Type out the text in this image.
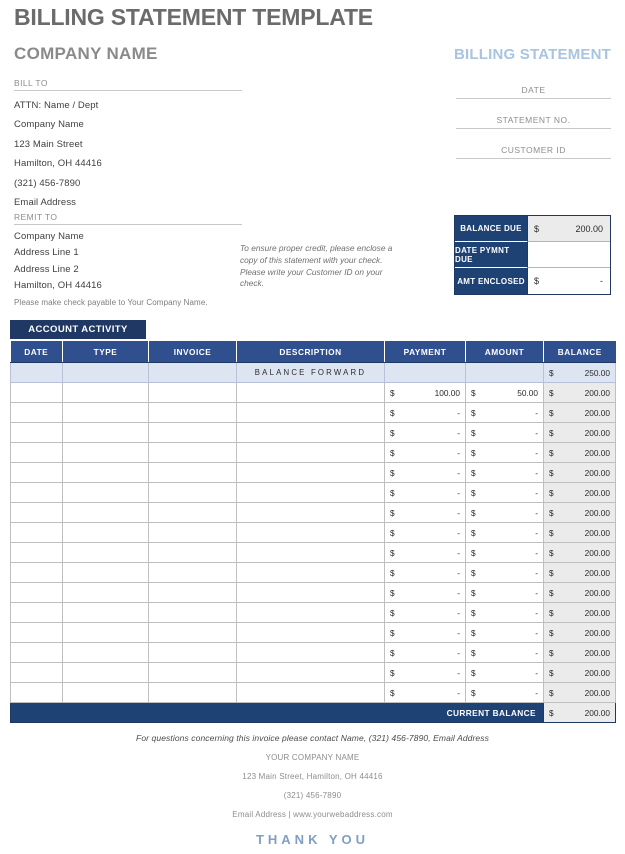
BILLING STATEMENT TEMPLATE
COMPANY NAME	BILLING STATEMENT
BILL TO
ATTN: Name / Dept
Company Name
123 Main Street
Hamilton, OH 44416
(321) 456-7890
Email Address
REMIT TO
Company Name
Address Line 1
Address Line 2
Hamilton, OH 44416
Please make check payable to Your Company Name.
To ensure proper credit, please enclose a copy of this statement with your check. Please write your Customer ID on your check.
DATE
STATEMENT NO.
CUSTOMER ID
BALANCE DUE	$	200.00
DATE PYMNT DUE
AMT ENCLOSED $	-
ACCOUNT ACTIVITY
DATE	TYPE	INVOICE	DESCRIPTION	PAYMENT	AMOUNT	BALANCE
			BALANCE FORWARD			$ 250.00

				$ 100.00	$ 50.00	$ 200.00

				$ -	$ -	$ 200.00

				$ -	$ -	$ 200.00

				$ -	$ -	$ 200.00

				$ -	$ -	$ 200.00

				$ -	$ -	$ 200.00

				$ -	$ -	$ 200.00

				$ -	$ -	$ 200.00

				$ -	$ -	$ 200.00

				$ -	$ -	$ 200.00

				$ -	$ -	$ 200.00

				$ -	$ -	$ 200.00

				$ -	$ -	$ 200.00

				$ -	$ -	$ 200.00

				$ -	$ -	$ 200.00

				$ -	$ -	$ 200.00

CURRENT BALANCE						$ 200.00
For questions concerning this invoice please contact Name, (321) 456-7890, Email Address
YOUR COMPANY NAME
123 Main Street, Hamilton, OH 44416
(321) 456-7890
Email Address | www.yourwebaddress.com
THANK YOU
